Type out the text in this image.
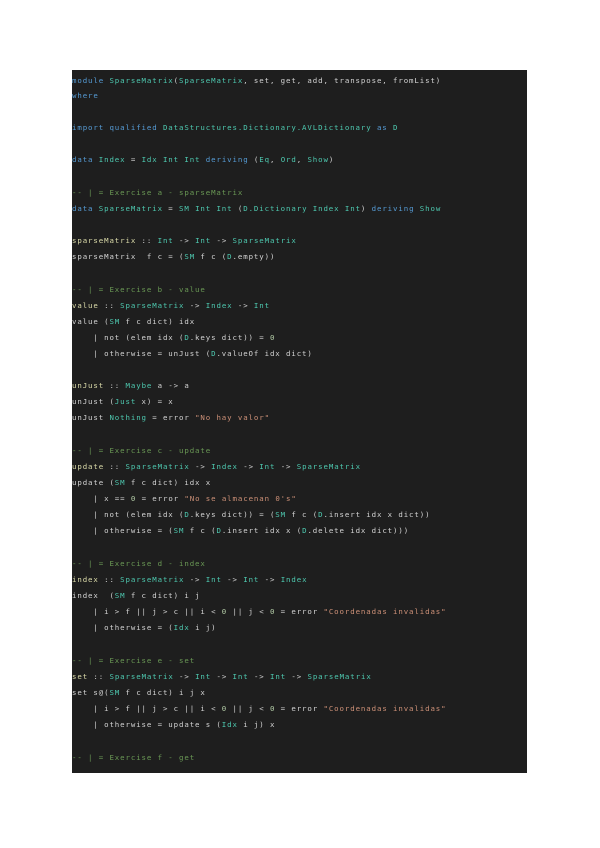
module SparseMatrix(SparseMatrix, set, get, add, transpose, fromList)
where
import qualified DataStructures.Dictionary.AVLDictionary as D
data Index = Idx Int Int deriving (Eq, Ord, Show)
-- | = Exercise a - sparseMatrix
data SparseMatrix = SM Int Int (D.Dictionary Index Int) deriving Show
sparseMatrix :: Int -> Int -> SparseMatrix
sparseMatrix  f c = (SM f c (D.empty))
-- | = Exercise b - value
value :: SparseMatrix -> Index -> Int
value (SM f c dict) idx
| not (elem idx (D.keys dict)) = 0
| otherwise = unJust (D.valueOf idx dict)
unJust :: Maybe a -> a
unJust (Just x) = x
unJust Nothing = error "No hay valor"
-- | = Exercise c - update
update :: SparseMatrix -> Index -> Int -> SparseMatrix
update (SM f c dict) idx x
| x == 0 = error "No se almacenan 0's"
| not (elem idx (D.keys dict)) = (SM f c (D.insert idx x dict))
| otherwise = (SM f c (D.insert idx x (D.delete idx dict)))
-- | = Exercise d - index
index :: SparseMatrix -> Int -> Int -> Index
index  (SM f c dict) i j
| i > f || j > c || i < 0 || j < 0 = error "Coordenadas invalidas"
| otherwise = (Idx i j)
-- | = Exercise e - set
set :: SparseMatrix -> Int -> Int -> Int -> SparseMatrix
set s@(SM f c dict) i j x
| i > f || j > c || i < 0 || j < 0 = error "Coordenadas invalidas"
| otherwise = update s (Idx i j) x
-- | = Exercise f - get
